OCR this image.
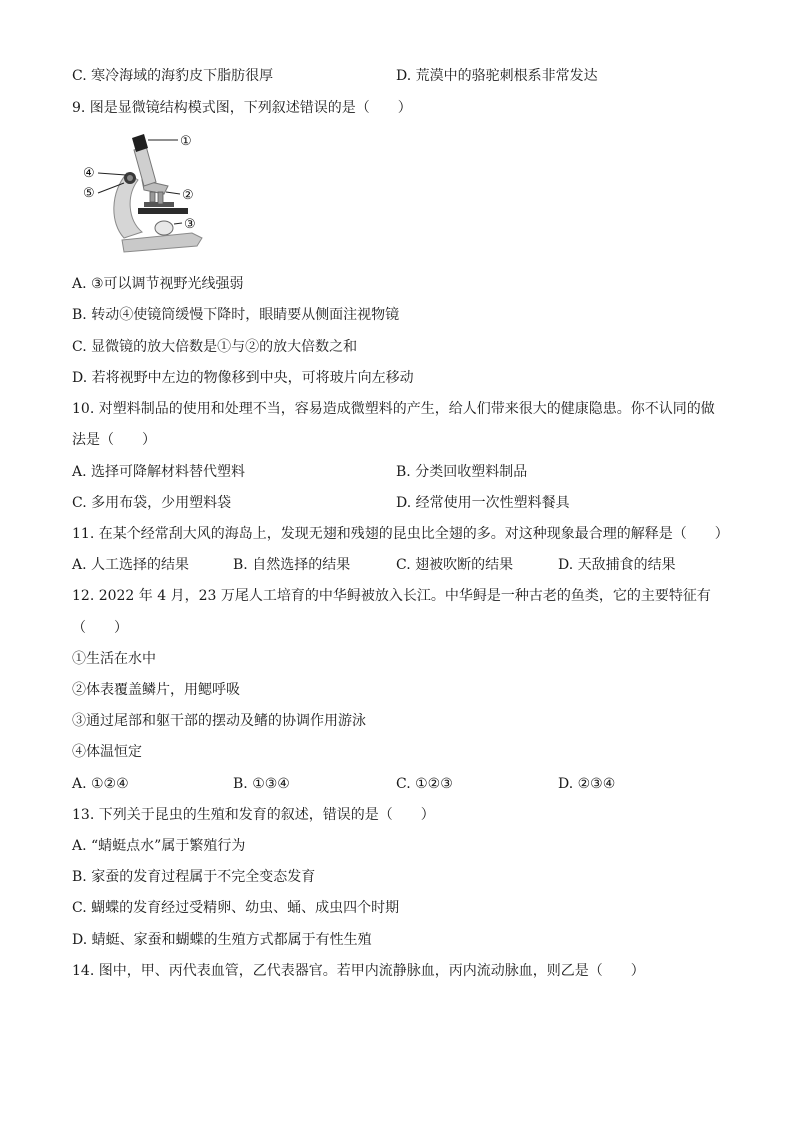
C. 寒冷海域的海豹皮下脂肪很厚	D. 荒漠中的骆驼刺根系非常发达
9. 图是显微镜结构模式图，下列叙述错误的是（　　）
①
②
③
④
⑤
A. ③可以调节视野光线强弱
B. 转动④使镜筒缓慢下降时，眼睛要从侧面注视物镜
C. 显微镜的放大倍数是①与②的放大倍数之和
D. 若将视野中左边的物像移到中央，可将玻片向左移动
10. 对塑料制品的使用和处理不当，容易造成微塑料的产生，给人们带来很大的健康隐患。你不认同的做
法是（　　）
A. 选择可降解材料替代塑料	B. 分类回收塑料制品
C. 多用布袋，少用塑料袋	D. 经常使用一次性塑料餐具
11. 在某个经常刮大风的海岛上，发现无翅和残翅的昆虫比全翅的多。对这种现象最合理的解释是（　　）
A. 人工选择的结果	B. 自然选择的结果	C. 翅被吹断的结果	D. 天敌捕食的结果
12. 2022 年 4 月，23 万尾人工培育的中华鲟被放入长江。中华鲟是一种古老的鱼类，它的主要特征有
（　　）
①生活在水中
②体表覆盖鳞片，用鳃呼吸
③通过尾部和躯干部的摆动及鳍的协调作用游泳
④体温恒定
A. ①②④	B. ①③④	C. ①②③	D. ②③④
13. 下列关于昆虫的生殖和发育的叙述，错误的是（　　）
A. “蜻蜓点水”属于繁殖行为
B. 家蚕的发育过程属于不完全变态发育
C. 蝴蝶的发育经过受精卵、幼虫、蛹、成虫四个时期
D. 蜻蜓、家蚕和蝴蝶的生殖方式都属于有性生殖
14. 图中，甲、丙代表血管，乙代表器官。若甲内流静脉血，丙内流动脉血，则乙是（　　）
